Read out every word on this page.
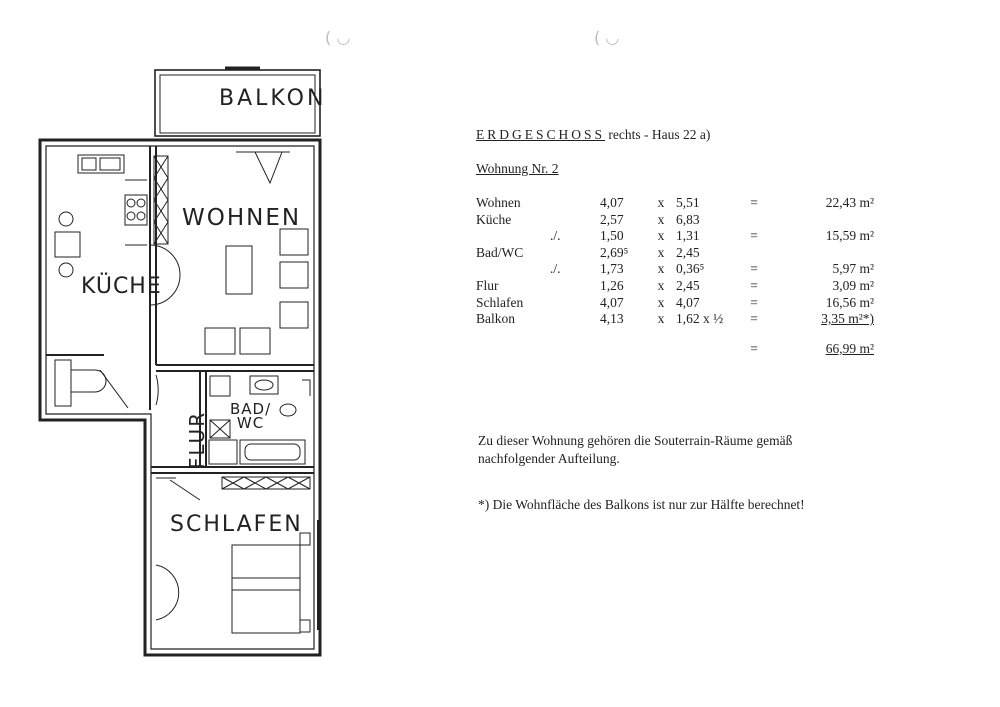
( ◡	( ◡
BALKON
WOHNEN
KÜCHE
FLUR
BAD/
WC
SCHLAFEN
ERDGESCHOSS rechts - Haus 22 a)
Wohnung Nr. 2
Wohnen		4,07	x	5,51	=	22,43 m²
Küche		2,57	x	6,83		
	./.	1,50	x	1,31	=	15,59 m²
Bad/WC		2,69⁵	x	2,45		
	./.	1,73	x	0,36⁵	=	5,97 m²
Flur		1,26	x	2,45	=	3,09 m²
Schlafen		4,07	x	4,07	=	16,56 m²
Balkon		4,13	x	1,62 x ½	=	3,35 m²*)
					=	66,99 m²
Zu dieser Wohnung gehören die Souterrain-Räume gemäß nachfolgender Aufteilung.
*) Die Wohnfläche des Balkons ist nur zur Hälfte berechnet!
